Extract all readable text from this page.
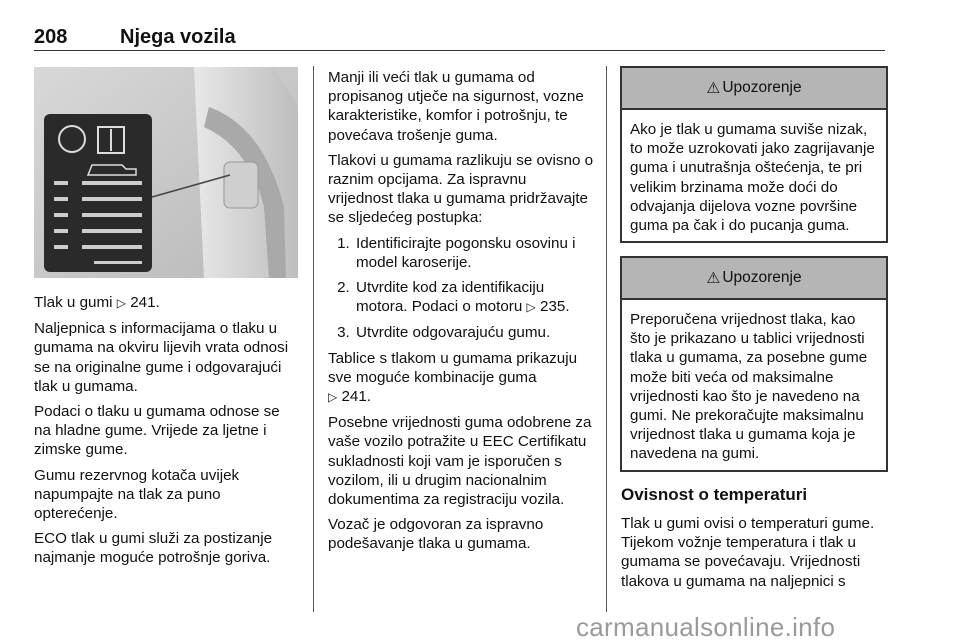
208	Njega vozila

Tlak u gumi ▷ 241.

Naljepnica s informacijama o tlaku u gumama na okviru lijevih vrata odnosi se na originalne gume i odgovarajući tlak u gumama.

Podaci o tlaku u gumama odnose se na hladne gume. Vrijede za ljetne i zimske gume.

Gumu rezervnog kotača uvijek napumpajte na tlak za puno opterećenje.

ECO tlak u gumi služi za postizanje najmanje moguće potrošnje goriva.

Manji ili veći tlak u gumama od propisanog utječe na sigurnost, vozne karakteristike, komfor i potrošnju, te povećava trošenje guma.

Tlakovi u gumama razlikuju se ovisno o raznim opcijama. Za ispravnu vrijednost tlaka u gumama pridržavajte se sljedećeg postupka:

1. Identificirajte pogonsku osovinu i model karoserije.
2. Utvrdite kod za identifikaciju motora. Podaci o motoru ▷ 235.
3. Utvrdite odgovarajuću gumu.

Tablice s tlakom u gumama prikazuju sve moguće kombinacije guma
▷ 241.

Posebne vrijednosti guma odobrene za vaše vozilo potražite u EEC Certifikatu sukladnosti koji vam je isporučen s vozilom, ili u drugim nacionalnim dokumentima za registraciju vozila.

Vozač je odgovoran za ispravno podešavanje tlaka u gumama.

⚠ Upozorenje
Ako je tlak u gumama suviše nizak, to može uzrokovati jako zagrijavanje guma i unutrašnja oštećenja, te pri velikim brzinama može doći do odvajanja dijelova vozne površine guma pa čak i do pucanja guma.
⚠ Upozorenje
Preporučena vrijednost tlaka, kao što je prikazano u tablici vrijednosti tlaka u gumama, za posebne gume može biti veća od maksimalne vrijednosti kao što je navedeno na gumi. Ne prekoračujte maksimalnu vrijednost tlaka u gumama koja je navedena na gumi.

Ovisnost o temperaturi

Tlak u gumi ovisi o temperaturi gume. Tijekom vožnje temperatura i tlak u gumama se povećavaju. Vrijednosti tlakova u gumama na naljepnici s

carmanualsonline.info
